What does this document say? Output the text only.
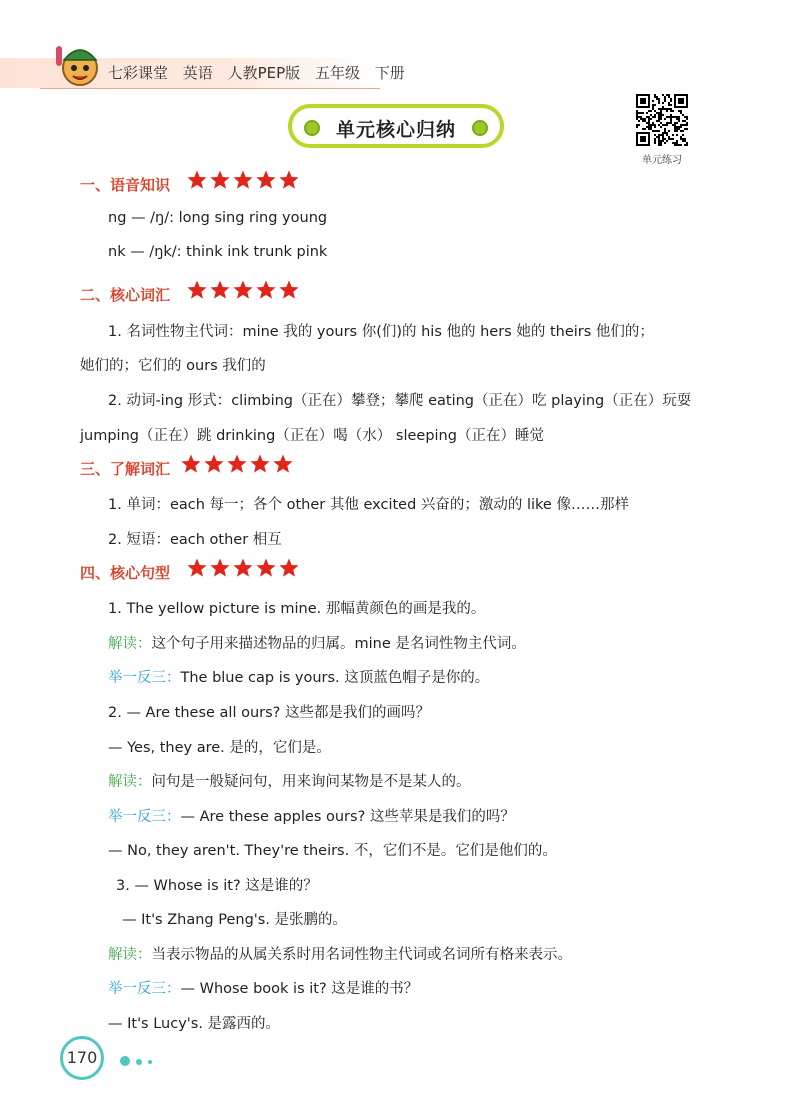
七彩课堂 英语 人教PEP版 五年级 下册
单元核心归纳
单元练习
一、语音知识
ng — /ŋ/: long sing ring young
nk — /ŋk/: think ink trunk pink
二、核心词汇
1. 名词性物主代词：mine 我的 yours 你(们)的 his 他的 hers 她的 theirs 他们的；
她们的；它们的 ours 我们的
2. 动词-ing 形式：climbing（正在）攀登；攀爬 eating（正在）吃 playing（正在）玩耍
jumping（正在）跳 drinking（正在）喝（水） sleeping（正在）睡觉
三、了解词汇
1. 单词：each 每一；各个 other 其他 excited 兴奋的；激动的 like 像……那样
2. 短语：each other 相互
四、核心句型
1. The yellow picture is mine. 那幅黄颜色的画是我的。
解读：这个句子用来描述物品的归属。mine 是名词性物主代词。
举一反三：The blue cap is yours. 这顶蓝色帽子是你的。
2. — Are these all ours? 这些都是我们的画吗？
— Yes, they are. 是的，它们是。
解读：问句是一般疑问句，用来询问某物是不是某人的。
举一反三：— Are these apples ours? 这些苹果是我们的吗？
— No, they aren't. They're theirs. 不，它们不是。它们是他们的。
3. — Whose is it? 这是谁的？
— It's Zhang Peng's. 是张鹏的。
解读：当表示物品的从属关系时用名词性物主代词或名词所有格来表示。
举一反三：— Whose book is it? 这是谁的书？
— It's Lucy's. 是露西的。
170
